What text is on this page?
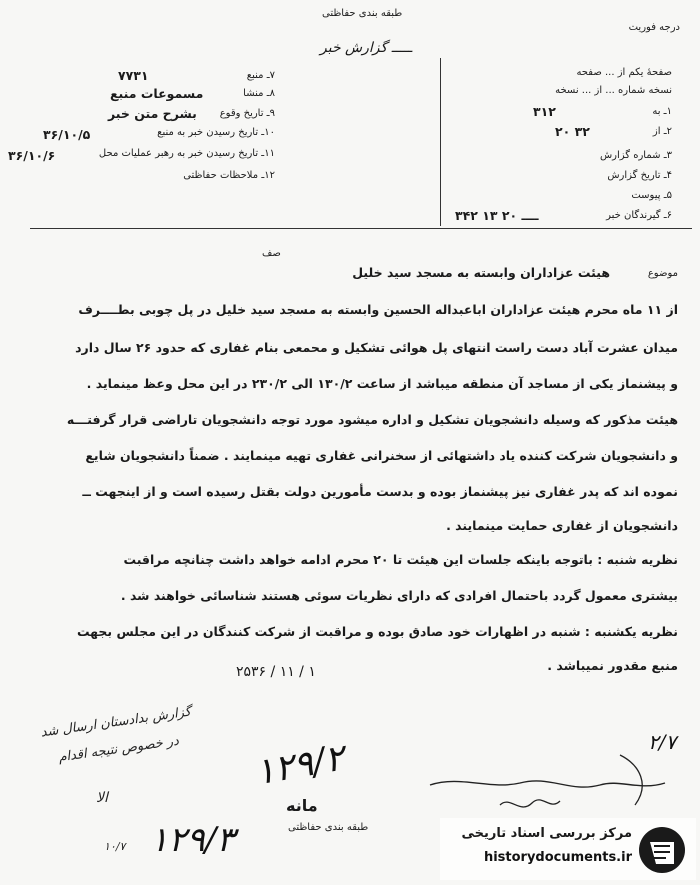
درجه فوریت
طبقه بندی حفاظتی
ـــــ گزارش خبر
صفحهٔ یکم از ... صفحه
نسخه شماره ... از ... نسخه
۱ـ به
۳۱۲
۲ـ از
۲۰ ۳۲
۳ـ شماره گزارش
۴ـ تاریخ گزارش
۵ـ پیوست
۶ـ گیرندگان خبر
۳۴۲ ــــ ۲۰ ۱۳
۷۷۳۱	۷ـ منبع
مسموعات منبع	۸ـ منشا
بشرح متن خبر ۹ـ تاریخ وقوع
۳۶/۱۰/۵	۱۰ـ تاریخ رسیدن خبر به منبع
۳۶/۱۰/۶	۱۱ـ تاریخ رسیدن خبر به رهبر عملیات محل
۱۲ـ ملاحظات حفاظتی
موضوع
هیئت عزاداران وابسته به مسجد سید خلیل
صف
از ۱۱ ماه محرم هیئت عزاداران اباعبداله الحسین وابسته به مسجد سید خلیل در پل چوبی بطــــرف
میدان عشرت آباد دست راست انتهای پل هوائی تشکیل و محمعی بنام غفاری که حدود ۲۶ سال دارد
و پیشنماز یکی از مساجد آن منطقه میباشد از ساعت ۱۳۰/۲ الی ۲۳۰/۲ در این محل وعظ مینماید .
هیئت مذکور که وسیله دانشجویان تشکیل و اداره میشود مورد توجه دانشجویان تاراضی قرار گرفتـــه
و دانشجویان شرکت کننده یاد داشتهائی از سخنرانی غفاری تهیه مینمایند . ضمناً دانشجویان شایع
نموده اند که پدر غفاری نیز پیشنماز بوده و بدست مأمورین دولت بقتل رسیده است و از اینجهت ــ
دانشجویان از غفاری حمایت مینمایند .
نظریه شنبه : باتوجه باینکه جلسات این هیئت تا ۲۰ محرم ادامه خواهد داشت چنانچه مراقبت
بیشتری معمول گردد باحتمال افرادی که دارای نظریات سوئی هستند شناسائی خواهند شد .
نظریه یکشنبه : شنبه در اظهارات خود صادق بوده و مراقبت از شرکت کنندگان در این مجلس بجهت
منبع مقدور نمیباشد .
۲۵۳۶ / ۱۱ / ۱
گزارش بدادستان ارسال شد
در خصوص نتیجه اقدام
الا
۱۰/۷ ۱۲۹/۳
۱۲۹/۲	۲/۷
مانه
طبقه بندی حفاظتی	مرکز بررسی اسناد تاریخی
historydocuments.ir
